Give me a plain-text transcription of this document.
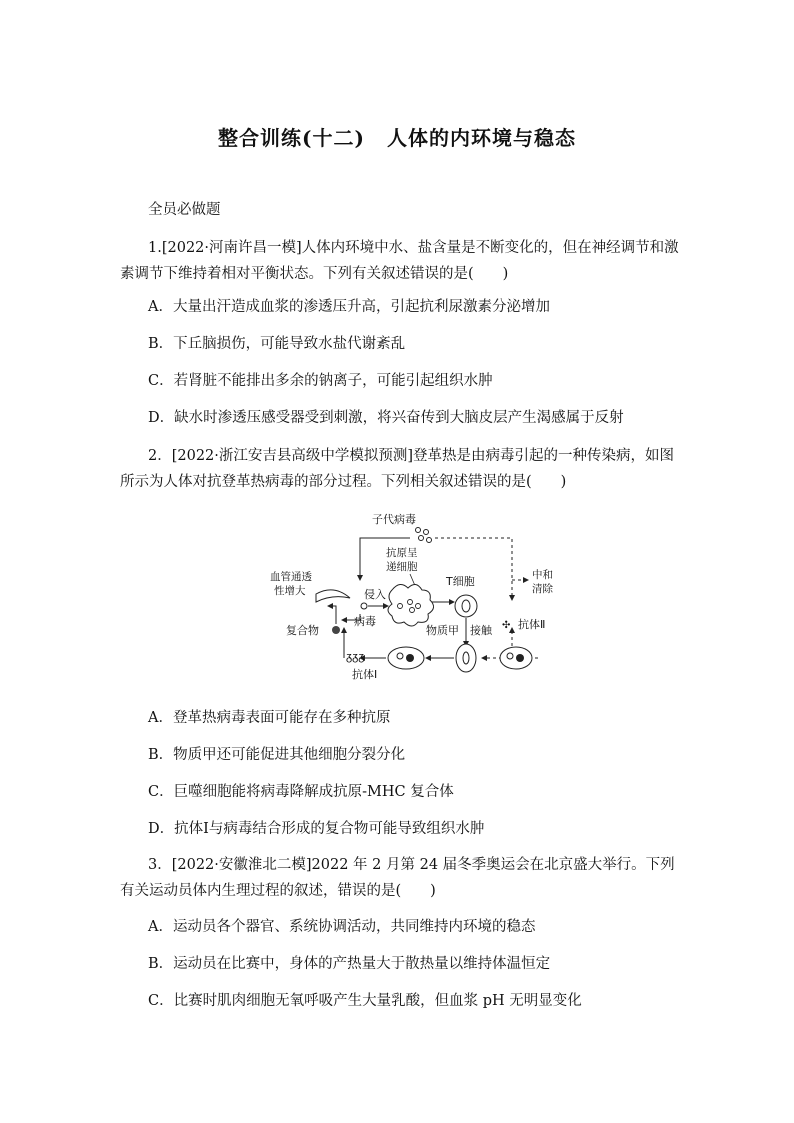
整合训练(十二) 人体的内环境与稳态
全员必做题
1.[2022·河南许昌一模]人体内环境中水、盐含量是不断变化的，但在神经调节和激素调节下维持着相对平衡状态。下列有关叙述错误的是(　　)
A．大量出汗造成血浆的渗透压升高，引起抗利尿激素分泌增加
B．下丘脑损伤，可能导致水盐代谢紊乱
C．若肾脏不能排出多余的钠离子，可能引起组织水肿
D．缺水时渗透压感受器受到刺激，将兴奋传到大脑皮层产生渴感属于反射
2．[2022·浙江安吉县高级中学模拟预测]登革热是由病毒引起的一种传染病，如图所示为人体对抗登革热病毒的部分过程。下列相关叙述错误的是(　　)
子代病毒
抗原呈
递细胞
侵入
病毒
T细胞
物质甲 接触
ᵹᵹᵹ
抗体Ⅰ
✣ 抗体Ⅱ
中和
清除
复合物
血管通透
性增大
A．登革热病毒表面可能存在多种抗原
B．物质甲还可能促进其他细胞分裂分化
C．巨噬细胞能将病毒降解成抗原-MHC 复合体
D．抗体Ⅰ与病毒结合形成的复合物可能导致组织水肿
3．[2022·安徽淮北二模]2022 年 2 月第 24 届冬季奥运会在北京盛大举行。下列有关运动员体内生理过程的叙述，错误的是(　　)
A．运动员各个器官、系统协调活动，共同维持内环境的稳态
B．运动员在比赛中，身体的产热量大于散热量以维持体温恒定
C．比赛时肌肉细胞无氧呼吸产生大量乳酸，但血浆 pH 无明显变化
